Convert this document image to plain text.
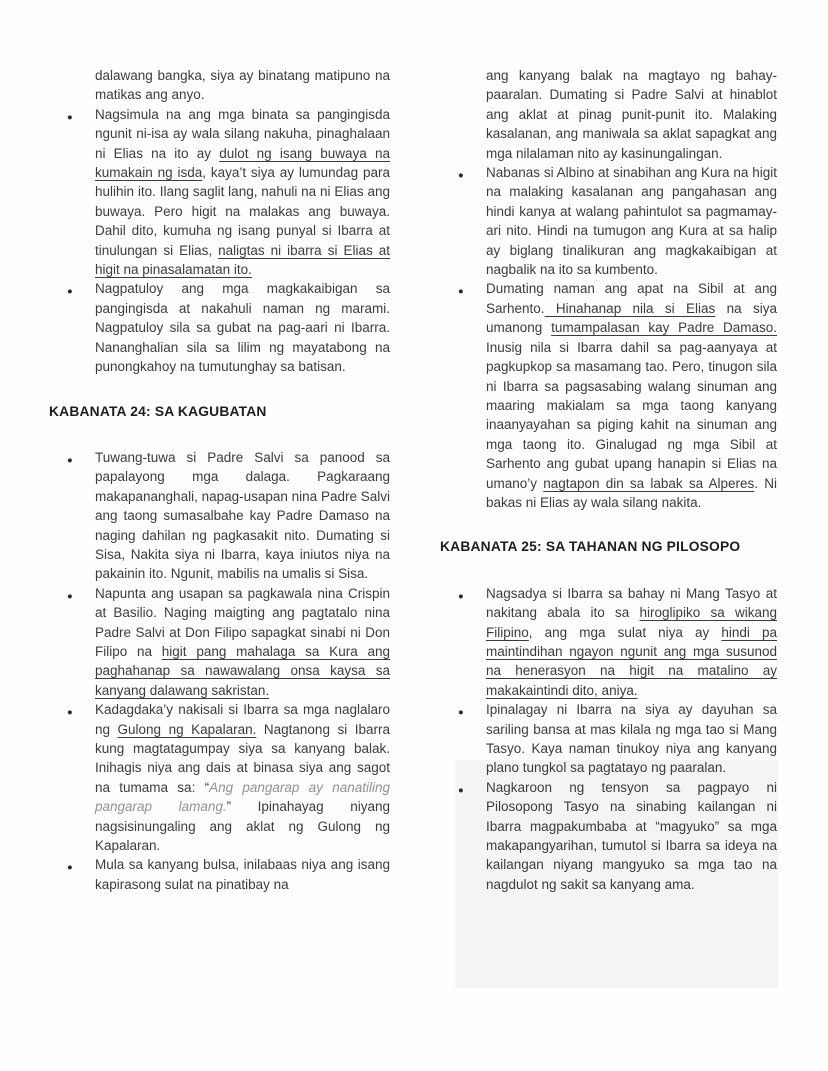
dalawang bangka, siya ay binatang matipuno na matikas ang anyo.
● Nagsimula na ang mga binata sa pangingisda ngunit ni-isa ay wala silang nakuha, pinaghalaan ni Elias na ito ay dulot ng isang buwaya na kumakain ng isda, kaya’t siya ay lumundag para hulihin ito. Ilang saglit lang, nahuli na ni Elias ang buwaya. Pero higit na malakas ang buwaya. Dahil dito, kumuha ng isang punyal si Ibarra at tinulungan si Elias, naligtas ni ibarra si Elias at higit na pinasalamatan ito.
● Nagpatuloy ang mga magkakaibigan sa pangingisda at nakahuli naman ng marami. Nagpatuloy sila sa gubat na pag-aari ni Ibarra. Nananghalian sila sa lilim ng mayatabong na punongkahoy na tumutunghay sa batisan.
KABANATA 24: SA KAGUBATAN
● Tuwang-tuwa si Padre Salvi sa panood sa papalayong mga dalaga. Pagkaraang makapananghali, napag-usapan nina Padre Salvi ang taong sumasalbahe kay Padre Damaso na naging dahilan ng pagkasakit nito. Dumating si Sisa, Nakita siya ni Ibarra, kaya iniutos niya na pakainin ito. Ngunit, mabilis na umalis si Sisa.
● Napunta ang usapan sa pagkawala nina Crispin at Basilio. Naging maigting ang pagtatalo nina Padre Salvi at Don Filipo sapagkat sinabi ni Don Filipo na higit pang mahalaga sa Kura ang paghahanap sa nawawalang onsa kaysa sa kanyang dalawang sakristan.
● Kadagdaka’y nakisali si Ibarra sa mga naglalaro ng Gulong ng Kapalaran. Nagtanong si Ibarra kung magtatagumpay siya sa kanyang balak. Inihagis niya ang dais at binasa siya ang sagot na tumama sa: “Ang pangarap ay nanatiling pangarap lamang.” Ipinahayag niyang nagsisinungaling ang aklat ng Gulong ng Kapalaran.
● Mula sa kanyang bulsa, inilabaas niya ang isang kapirasong sulat na pinatibay na
ang kanyang balak na magtayo ng bahay-paaralan. Dumating si Padre Salvi at hinablot ang aklat at pinag punit-punit ito. Malaking kasalanan, ang maniwala sa aklat sapagkat ang mga nilalaman nito ay kasinungalingan.
● Nabanas si Albino at sinabihan ang Kura na higit na malaking kasalanan ang pangahasan ang hindi kanya at walang pahintulot sa pagmamay-ari nito. Hindi na tumugon ang Kura at sa halip ay biglang tinalikuran ang magkakaibigan at nagbalik na ito sa kumbento.
● Dumating naman ang apat na Sibil at ang Sarhento. Hinahanap nila si Elias na siya umanong tumampalasan kay Padre Damaso. Inusig nila si Ibarra dahil sa pag-aanyaya at pagkupkop sa masamang tao. Pero, tinugon sila ni Ibarra sa pagsasabing walang sinuman ang maaring makialam sa mga taong kanyang inaanyayahan sa piging kahit na sinuman ang mga taong ito. Ginalugad ng mga Sibil at Sarhento ang gubat upang hanapin si Elias na umano’y nagtapon din sa labak sa Alperes. Ni bakas ni Elias ay wala silang nakita.
KABANATA 25: SA TAHANAN NG PILOSOPO
● Nagsadya si Ibarra sa bahay ni Mang Tasyo at nakitang abala ito sa hiroglipiko sa wikang Filipino, ang mga sulat niya ay hindi pa maintindihan ngayon ngunit ang mga susunod na henerasyon na higit na matalino ay makakaintindi dito, aniya.
● Ipinalagay ni Ibarra na siya ay dayuhan sa sariling bansa at mas kilala ng mga tao si Mang Tasyo. Kaya naman tinukoy niya ang kanyang plano tungkol sa pagtatayo ng paaralan.
● Nagkaroon ng tensyon sa pagpayo ni Pilosopong Tasyo na sinabing kailangan ni Ibarra magpakumbaba at “magyuko” sa mga makapangyarihan, tumutol si Ibarra sa ideya na kailangan niyang mangyuko sa mga tao na nagdulot ng sakit sa kanyang ama.
